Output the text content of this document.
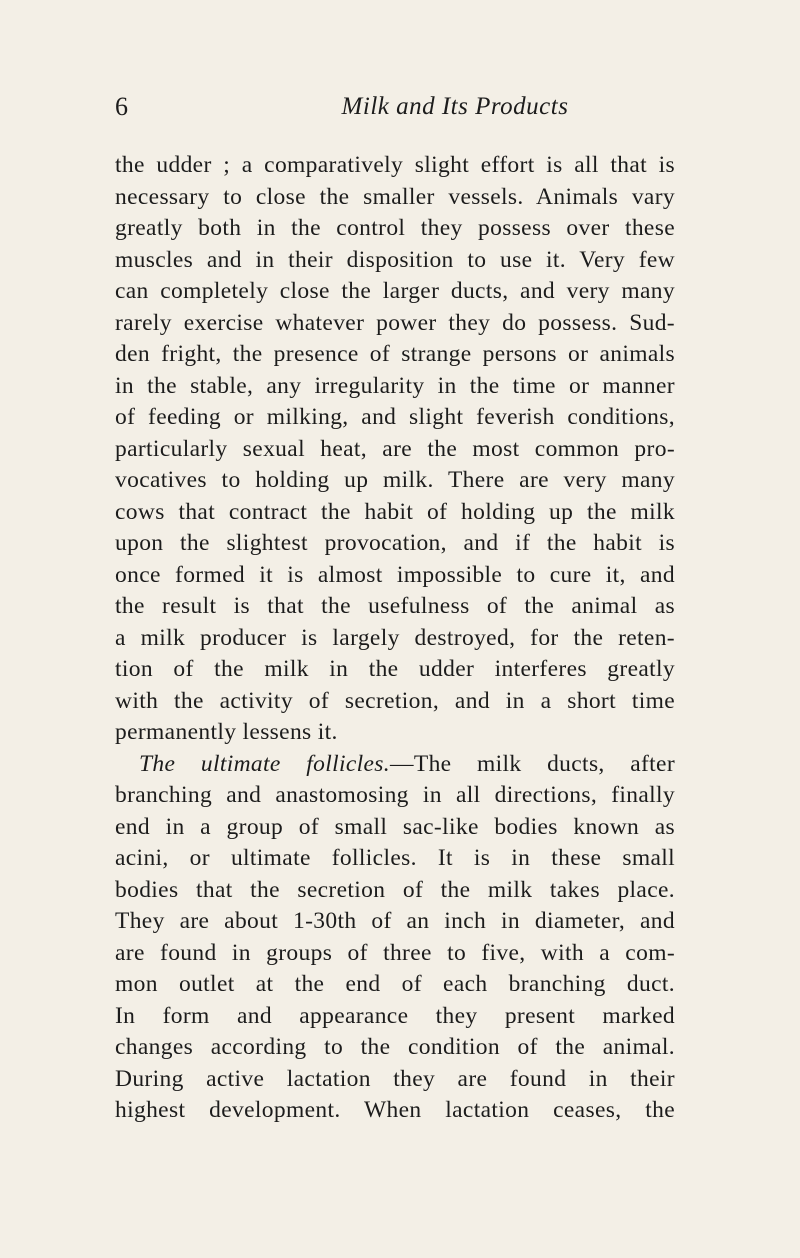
6	Milk and Its Products
the udder ; a comparatively slight effort is all that is
necessary to close the smaller vessels. Animals vary
greatly both in the control they possess over these
muscles and in their disposition to use it. Very few
can completely close the larger ducts, and very many
rarely exercise whatever power they do possess. Sud-
den fright, the presence of strange persons or animals
in the stable, any irregularity in the time or manner
of feeding or milking, and slight feverish conditions,
particularly sexual heat, are the most common pro-
vocatives to holding up milk. There are very many
cows that contract the habit of holding up the milk
upon the slightest provocation, and if the habit is
once formed it is almost impossible to cure it, and
the result is that the usefulness of the animal as
a milk producer is largely destroyed, for the reten-
tion of the milk in the udder interferes greatly
with the activity of secretion, and in a short time
permanently lessens it.
The ultimate follicles.—The milk ducts, after
branching and anastomosing in all directions, finally
end in a group of small sac-like bodies known as
acini, or ultimate follicles. It is in these small
bodies that the secretion of the milk takes place.
They are about 1-30th of an inch in diameter, and
are found in groups of three to five, with a com-
mon outlet at the end of each branching duct.
In form and appearance they present marked
changes according to the condition of the animal.
During active lactation they are found in their
highest development. When lactation ceases, the
